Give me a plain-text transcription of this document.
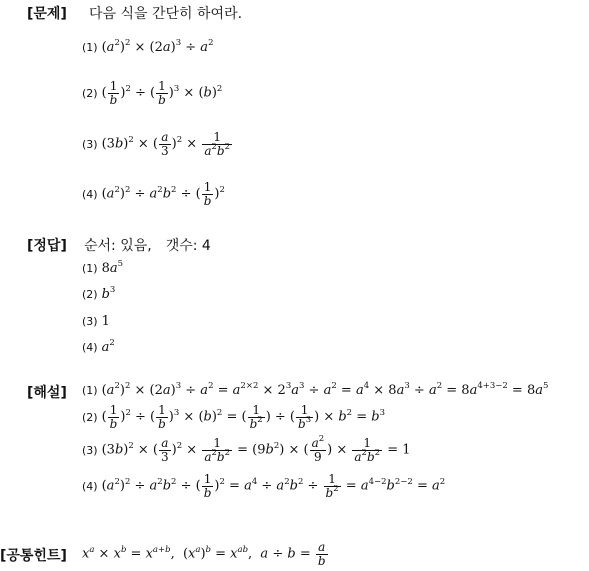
[문제] 다음 식을 간단히 하여라.
(1) $(a^2)^2 \times (2a)^3 \div a^2$
(2) ( $\frac{1}{b} )^2$ ÷ ( $\frac{1}{b} )^3 \times (b)^2$
(3) $(3b)^2$ × ( $\frac{a}{3} )^2 \times \frac{1}{a^2b^2}$
(4) $(a^2)^2 \div a^2b^2$ ÷ ( $\frac{1}{b} )^2$
[정답] 순서: 있음,　갯수: 4
(1) $8a^5$
(2) $b^3$
(3) 1
(4) $a^2$
[해설] (1) $(a^2)^2 \times (2a)^3 \div a^2 = a^{2\times 2} \times 2^3a^3 \div a^2 = a^4 \times 8a^3 \div a^2 = 8a^{4+3-2} = 8a^5$
(2) ( $\frac{1}{b} )^2$ ÷ ( $\frac{1}{b} )^3 \times (b)^2$ = ( $\frac{1}{b^2}$ ) ÷ ( $\frac{1}{b^3}$ ) × $b^2 = b^3$
(3) $(3b)^2$ × ( $\frac{a}{3} )^2 \times \frac{1}{a^2b^2} = (9b^2)$ × ( $\frac{a^2}{9}$ ) × $\frac{1}{a^2b^2} = 1$
(4) $(a^2)^2 \div a^2b^2$ ÷ ( $\frac{1}{b} )^2 = a^4 \div a^2b^2 \div \frac{1}{b^2} = a^{4-2}b^{2-2} = a^2$
[공통힌트] $x^a \times x^b = x^{a+b}$,  $(x^a)^b = x^{ab}$,  $a \div b = \frac{a}{b}$
